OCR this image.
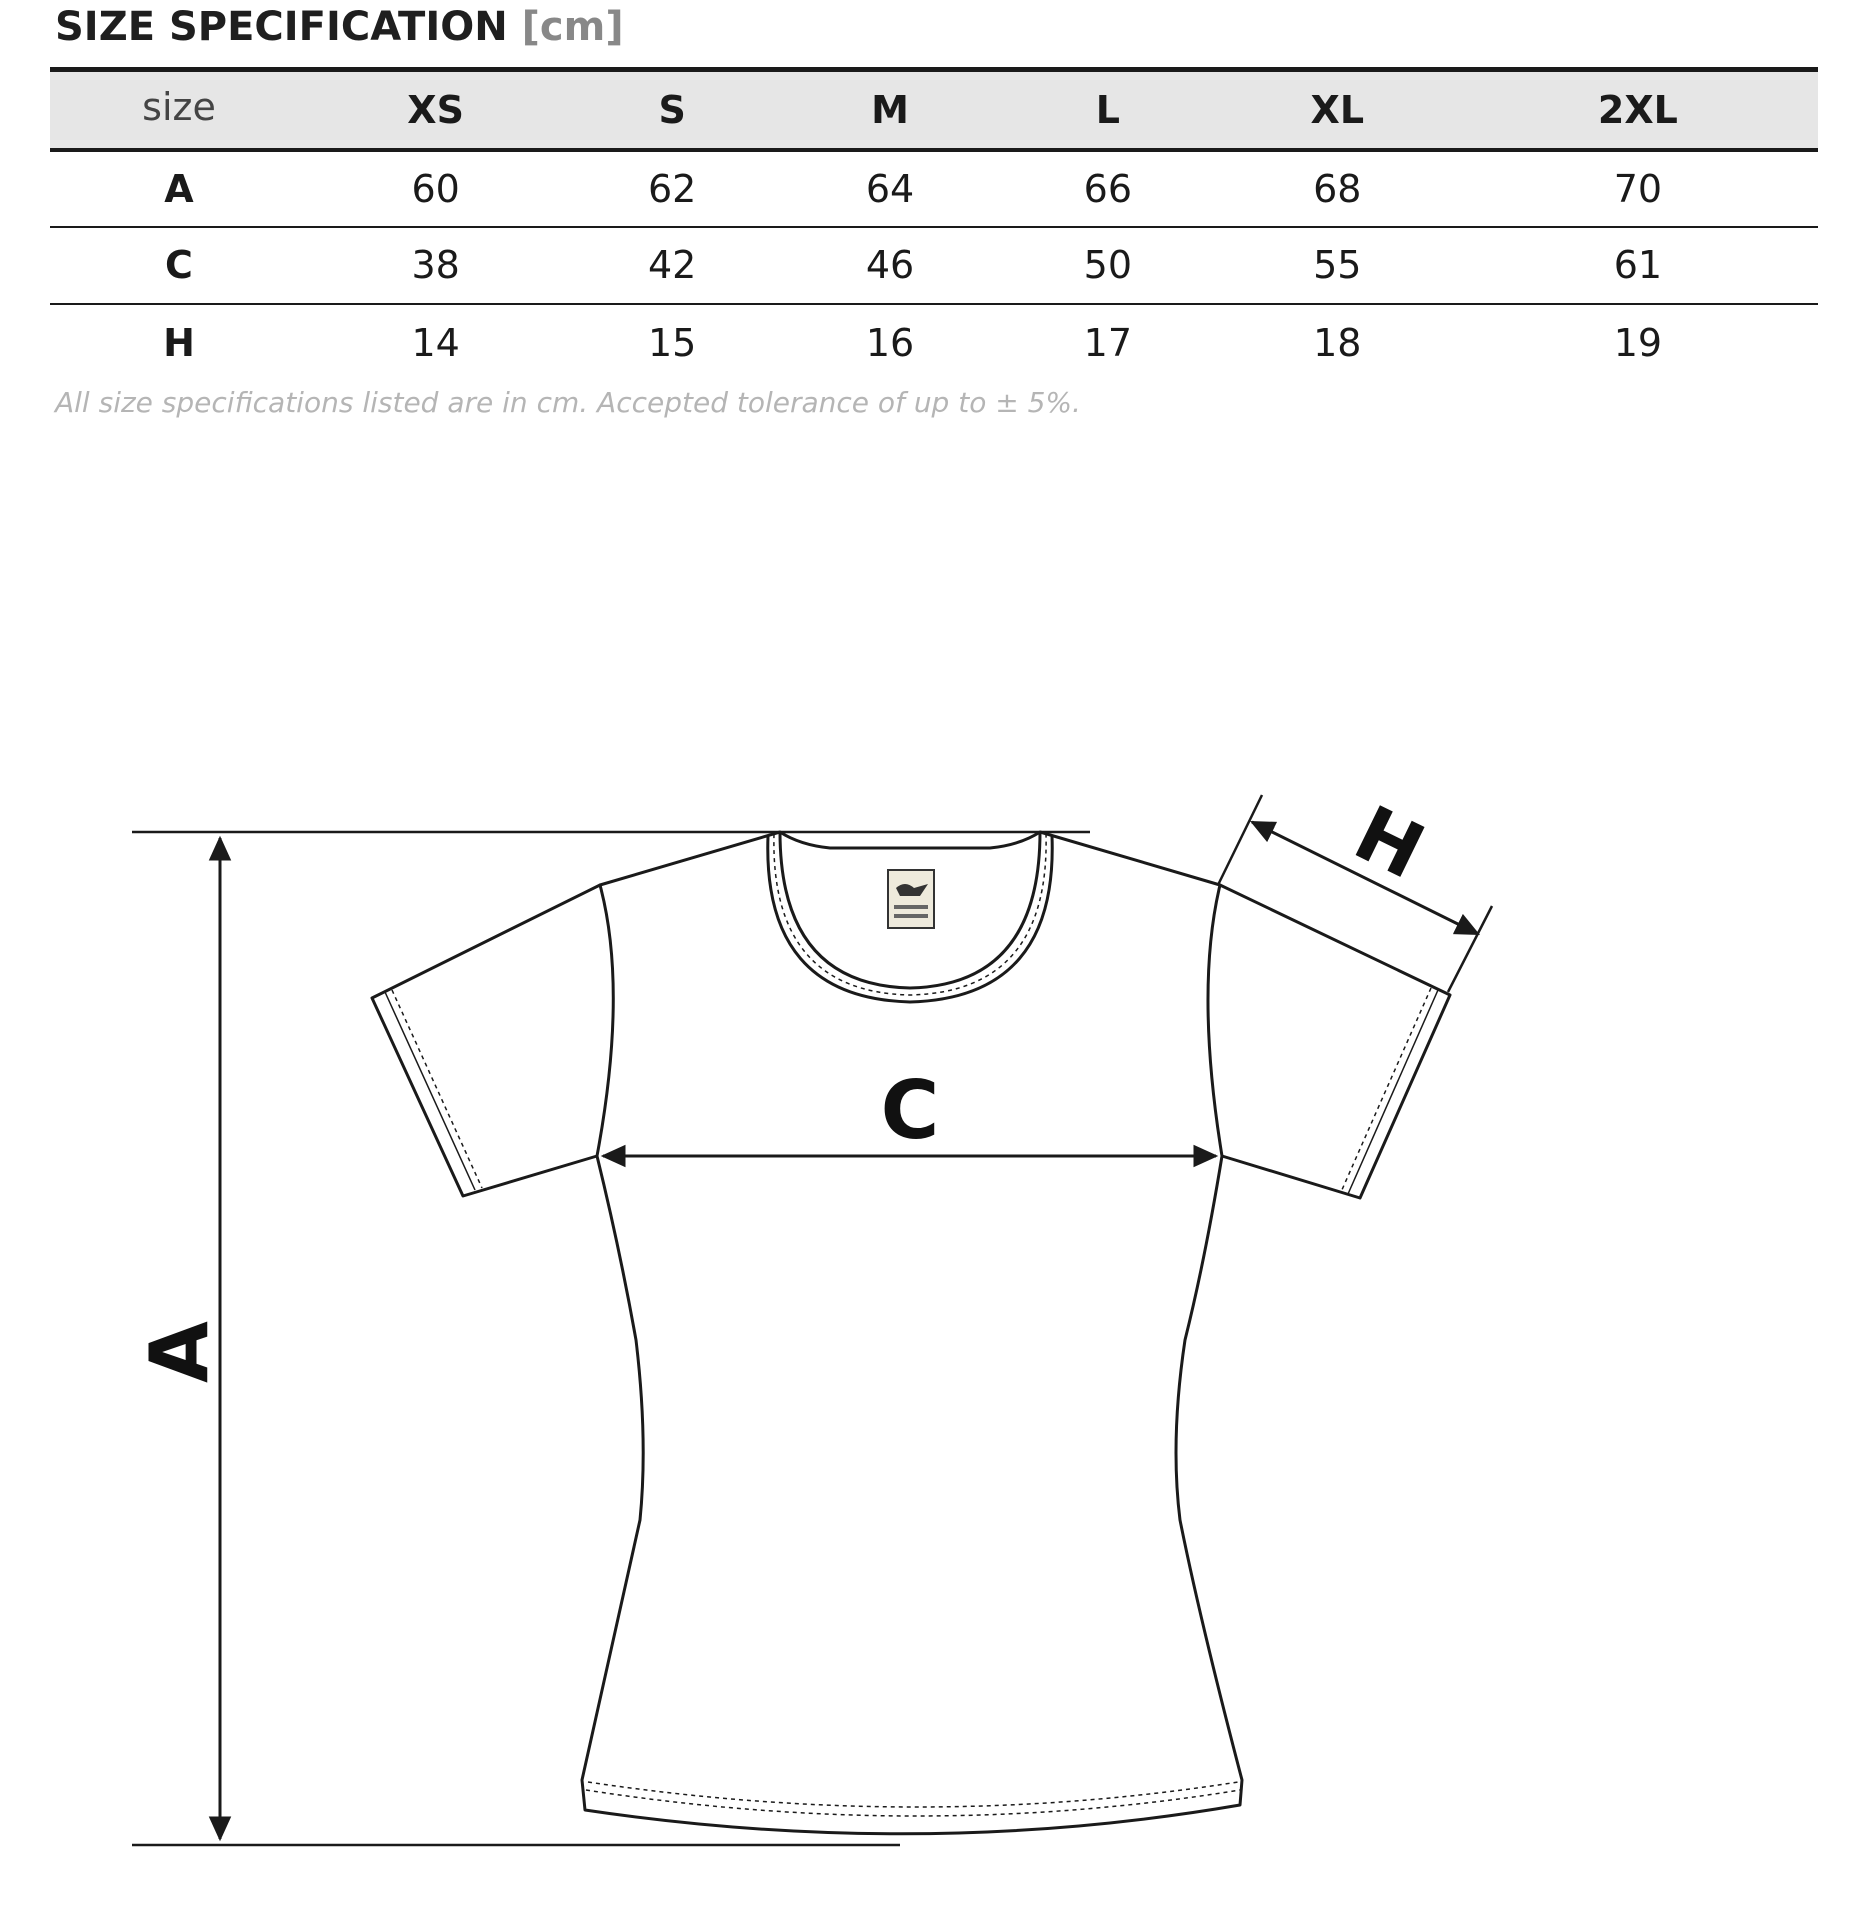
SIZE SPECIFICATION [cm]
size	XS	S	M	L	XL	2XL
A	60	62	64	66	68	70
C	38	42	46	50	55	61
H	14	15	16	17	18	19

All size specifications listed are in cm. Accepted tolerance of up to ± 5%.

A
C
H
